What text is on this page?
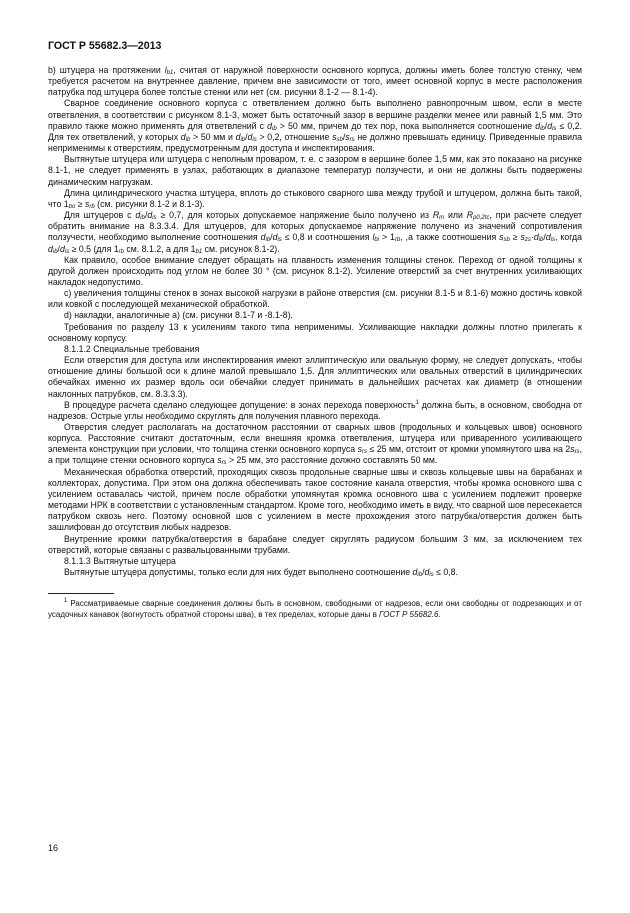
ГОСТ Р 55682.3—2013

b) штуцера на протяжении $l_{b1}$, считая от наружной поверхности основного корпуса, должны иметь более толстую стенку, чем требуется расчетом на внутреннее давление, причем вне зависимости от того, имеет основной корпус в месте расположения патрубка под штуцера более толстые стенки или нет (см. рисунки 8.1-2 — 8.1-4).

Сварное соединение основного корпуса с ответвлением должно быть выполнено равнопрочным швом, если в месте ответвления, в соответствии с рисунком 8.1-3, может быть остаточный зазор в вершине разделки менее или равный 1,5 мм. Это правило также можно применять для ответвлений с $d_{ib} > 50$ мм, причем до тех пор, пока выполняется соотношение $d_{ib}/d_{is} \le 0,2$. Для тех ответвлений, у которых $d_{ib} > 50$ мм и $d_{ib}/d_{is} > 0,2$, отношение $s_{sb}/s_{rs}$ не должно превышать единицу. Приведенные правила неприменимы к отверстиям, предусмотренным для доступа и инспектирования.

Вытянутые штуцера или штуцера с неполным проваром, т. е. с зазором в вершине более 1,5 мм, как это показано на рисунке 8.1-1, не следует применять в узлах, работающих в диапазоне температур ползучести, и они не должны быть подвержены динамическим нагрузкам.

Длина цилиндрического участка штуцера, вплоть до стыкового сварного шва между трубой и штуцером, должна быть такой, что $1_{bo} \ge s_{rb}$ (см. рисунки 8.1-2 и 8.1-3).

Для штуцеров с $d_{ib}/d_{is} \ge 0,7$, для которых допускаемое напряжение было получено из $R_m$ или $R_{p0,2tc}$, при расчете следует обратить внимание на 8.3.3.4. Для штуцеров, для которых допускаемое напряжение получено из значений сопротивления ползучести, необходимо выполнение соотношения $d_{ib}/d_{is} \le 0,8$ и соотношения $l_{bi} > 1_{rb}$, ,а также соотношения $s_{sb} \ge s_{zs}\cdot d_{ib}/d_{is}$, когда $d_{ib}/d_{is} \ge 0,5$ (для $1_{rb}$ см. 8.1.2, а для $1_{b1}$ см. рисунок 8.1-2).

Как правило, особое внимание следует обращать на плавность изменения толщины стенок. Переход от одной толщины к другой должен происходить под углом не более 30 ° (см. рисунок 8.1-2). Усиление отверстий за счет внутренних усиливающих накладок недопустимо.

с) увеличения толщины стенок в зонах высокой нагрузки в районе отверстия (см. рисунки 8.1-5 и 8.1-6) можно достичь ковкой или ковкой с последующей механической обработкой.

d) накладки, аналогичные а) (см. рисунки 8.1-7 и -8.1-8).

Требования по разделу 13 к усилениям такого типа неприменимы. Усиливающие накладки должны плотно прилегать к основному корпусу.

8.1.1.2 Специальные требования

Если отверстия для доступа или инспектирования имеют эллиптическую или овальную форму, не следует допускать, чтобы отношение длины большой оси к длине малой превышало 1,5. Для эллиптических или овальных отверстий в цилиндрических обечайках именно их размер вдоль оси обечайки следует принимать в дальнейших расчетах как диаметр (в отношении наклонных патрубков, см. 8.3.3.3).

В процедуре расчета сделано следующее допущение: в зонах перехода поверхность$^1$ должна быть, в основном, свободна от надрезов. Острые углы необходимо скруглять для получения плавного перехода.

Отверстия следует располагать на достаточном расстоянии от сварных швов (продольных и кольцевых швов) основного корпуса. Расстояние считают достаточным, если внешняя кромка ответвления, штуцера или приваренного усиливающего элемента конструкции при условии, что толщина стенки основного корпуса $s_{rs} \le 25$ мм, отстоит от кромки упомянутого шва на $2s_{rs}$, а при толщине стенки основного корпуса $s_{rs} > 25$ мм, это расстояние должно составлять 50 мм.

Механическая обработка отверстий, проходящих сквозь продольные сварные швы и сквозь кольцевые швы на барабанах и коллекторах, допустима. При этом она должна обеспечивать такое состояние канала отверстия, чтобы кромка основного шва с усилением оставалась чистой, причем после обработки упомянутая кромка основного шва с усилением подлежит проверке методами НРК в соответствии с установленным стандартом. Кроме того, необходимо иметь в виду, что сварной шов пересекается патрубком сквозь него. Поэтому основной шов с усилением в месте прохождения этого патрубка/отверстия должен быть зашлифован до отсутствия любых надрезов.

Внутренние кромки патрубка/отверстия в барабане следует скруглять радиусом большим 3 мм, за исключением тех отверстий, которые связаны с развальцованными трубами.

8.1.1.3 Вытянутые штуцера

Вытянутые штуцера допустимы, только если для них будет выполнено соотношение $d_{ib}/d_{is} \le 0,8$.

$^1$ Рассматриваемые сварные соединения должны быть в основном, свободными от надрезов, если они свободны от подрезающих и от усадочных канавок (вогнутость обратной стороны шва), в тех пределах, которые даны в ГОСТ Р 55682.6.

16
